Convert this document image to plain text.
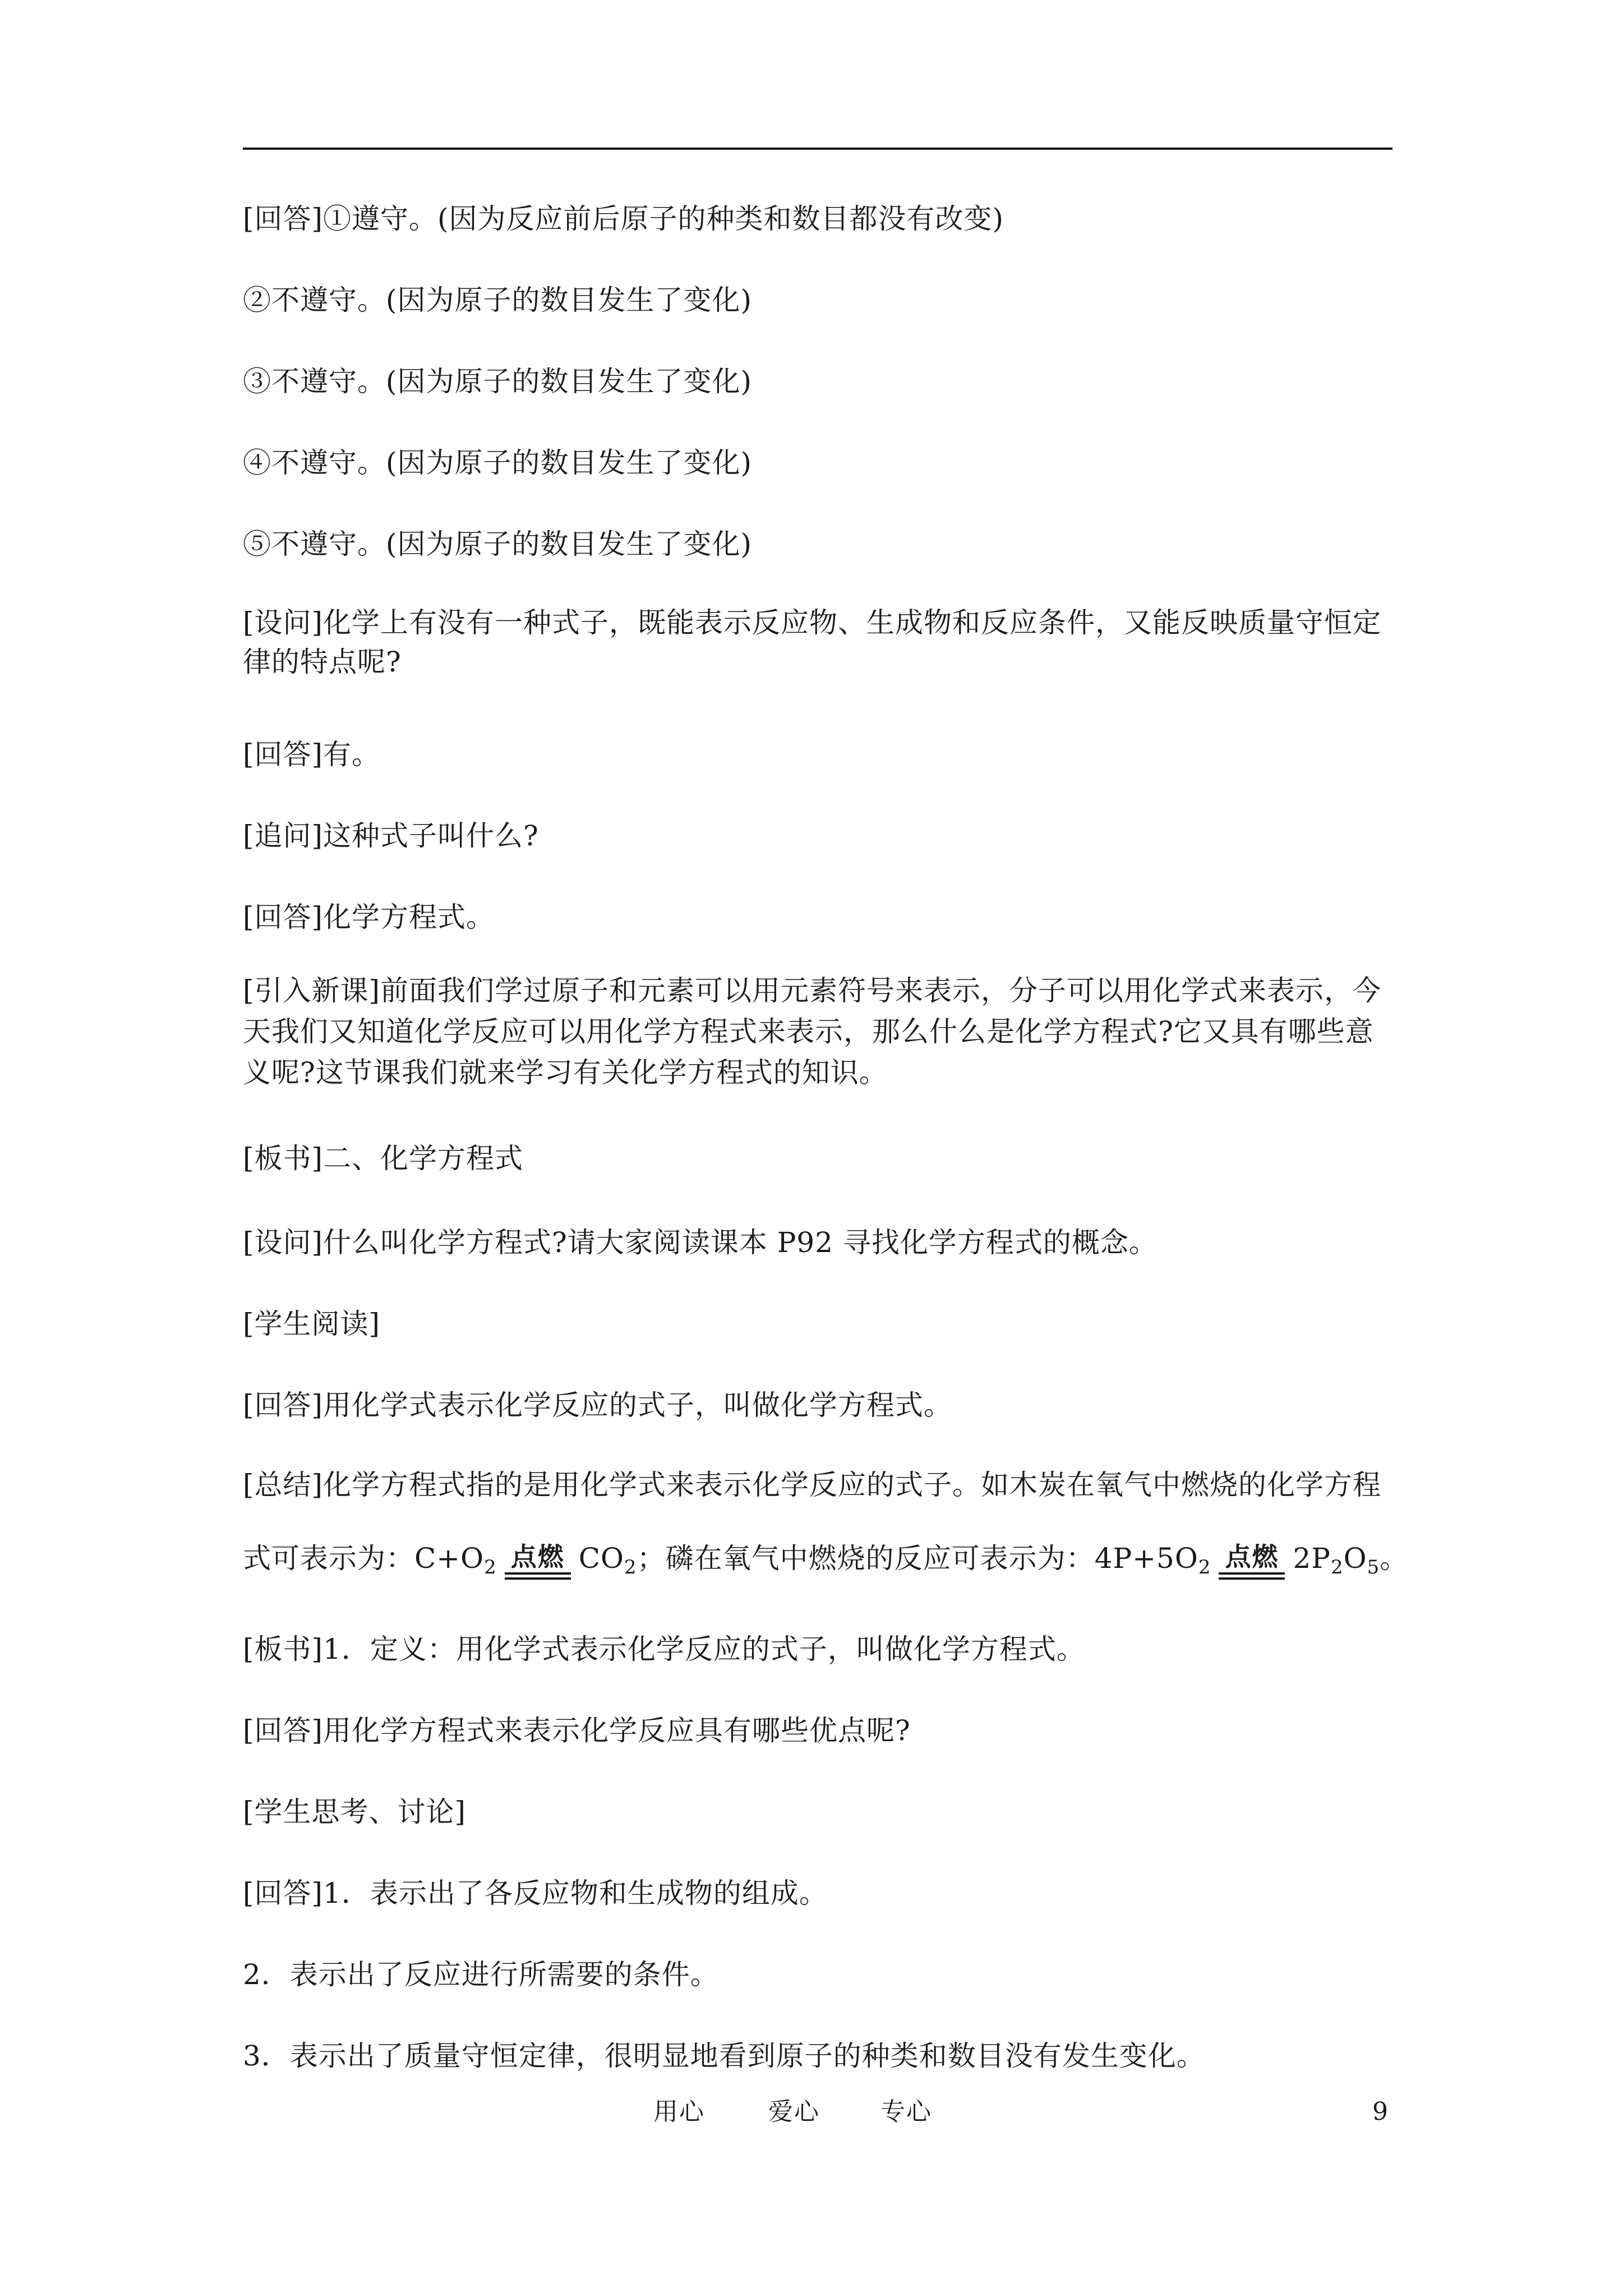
[回答]①遵守。(因为反应前后原子的种类和数目都没有改变)
②不遵守。(因为原子的数目发生了变化)
③不遵守。(因为原子的数目发生了变化)
④不遵守。(因为原子的数目发生了变化)
⑤不遵守。(因为原子的数目发生了变化)
[设问]化学上有没有一种式子，既能表示反应物、生成物和反应条件，又能反映质量守恒定律的特点呢?
[回答]有。
[追问]这种式子叫什么?
[回答]化学方程式。
[引入新课]前面我们学过原子和元素可以用元素符号来表示，分子可以用化学式来表示，今天我们又知道化学反应可以用化学方程式来表示，那么什么是化学方程式?它又具有哪些意义呢?这节课我们就来学习有关化学方程式的知识。
[板书]二、化学方程式
[设问]什么叫化学方程式?请大家阅读课本 P92 寻找化学方程式的概念。
[学生阅读]
[回答]用化学式表示化学反应的式子，叫做化学方程式。
[总结]化学方程式指的是用化学式来表示化学反应的式子。如木炭在氧气中燃烧的化学方程
式可表示为：$C+O_2$ 点燃 $CO_2$；磷在氧气中燃烧的反应可表示为：$4P+5O_2$ 点燃 $2P_2O_5$。
[板书]1．定义：用化学式表示化学反应的式子，叫做化学方程式。
[回答]用化学方程式来表示化学反应具有哪些优点呢?
[学生思考、讨论]
[回答]1．表示出了各反应物和生成物的组成。
2．表示出了反应进行所需要的条件。
3．表示出了质量守恒定律，很明显地看到原子的种类和数目没有发生变化。
用心	爱心 专心	9
